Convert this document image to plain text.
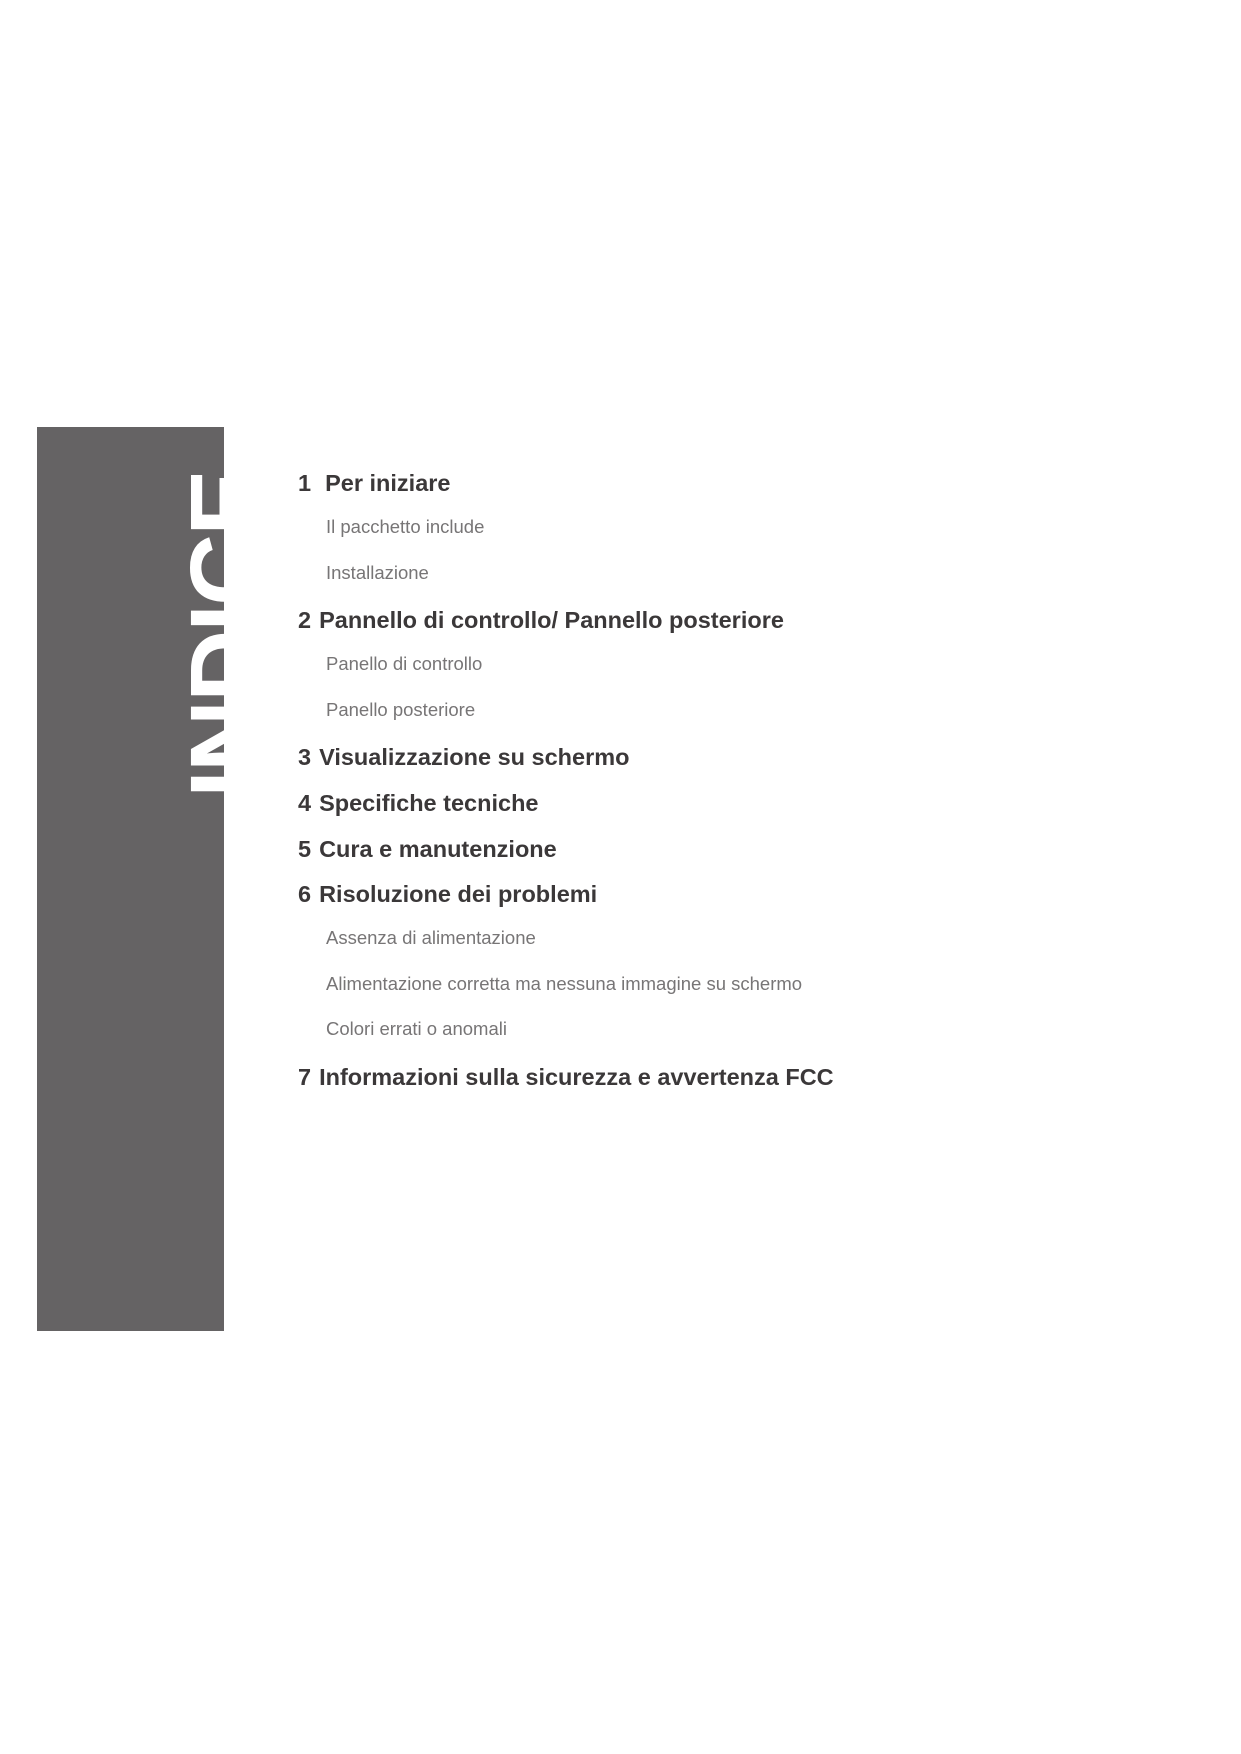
INDICE 1 Per iniziare
Il pacchetto include
Installazione
2 Pannello di controllo/ Pannello posteriore
Panello di controllo
Panello posteriore
3 Visualizzazione su schermo
4 Specifiche tecniche
5 Cura e manutenzione
6 Risoluzione dei problemi
Assenza di alimentazione
Alimentazione corretta ma nessuna immagine su schermo
Colori errati o anomali
7 Informazioni sulla sicurezza e avvertenza FCC
